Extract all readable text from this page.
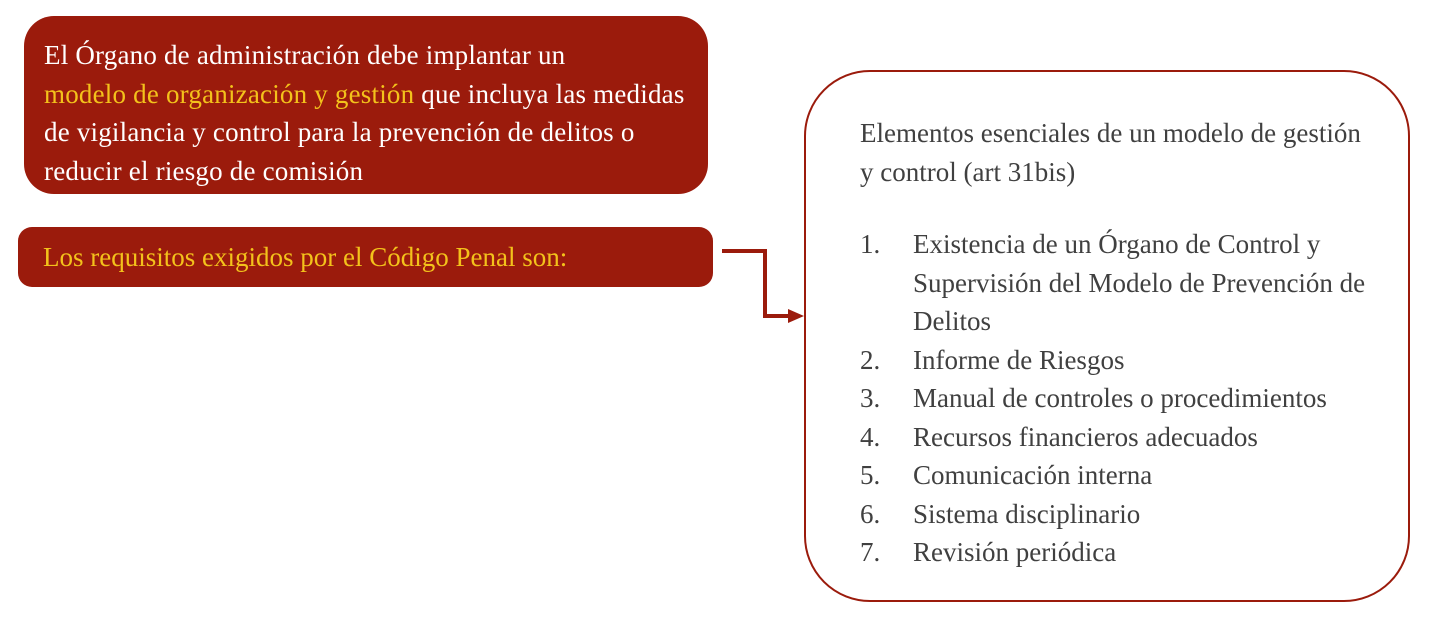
El Órgano de administración debe implantar un
modelo de organización y gestión que incluya las medidas de vigilancia y control para la prevención de delitos o reducir el riesgo de comisión
Los requisitos exigidos por el Código Penal son:
Elementos esenciales de un modelo de gestión y control (art 31bis)
1.	Existencia de un Órgano de Control y Supervisión del Modelo de Prevención de Delitos
2.	Informe de Riesgos
3.	Manual de controles o procedimientos
4.	Recursos financieros adecuados
5.	Comunicación interna
6.	Sistema disciplinario
7.	Revisión periódica
